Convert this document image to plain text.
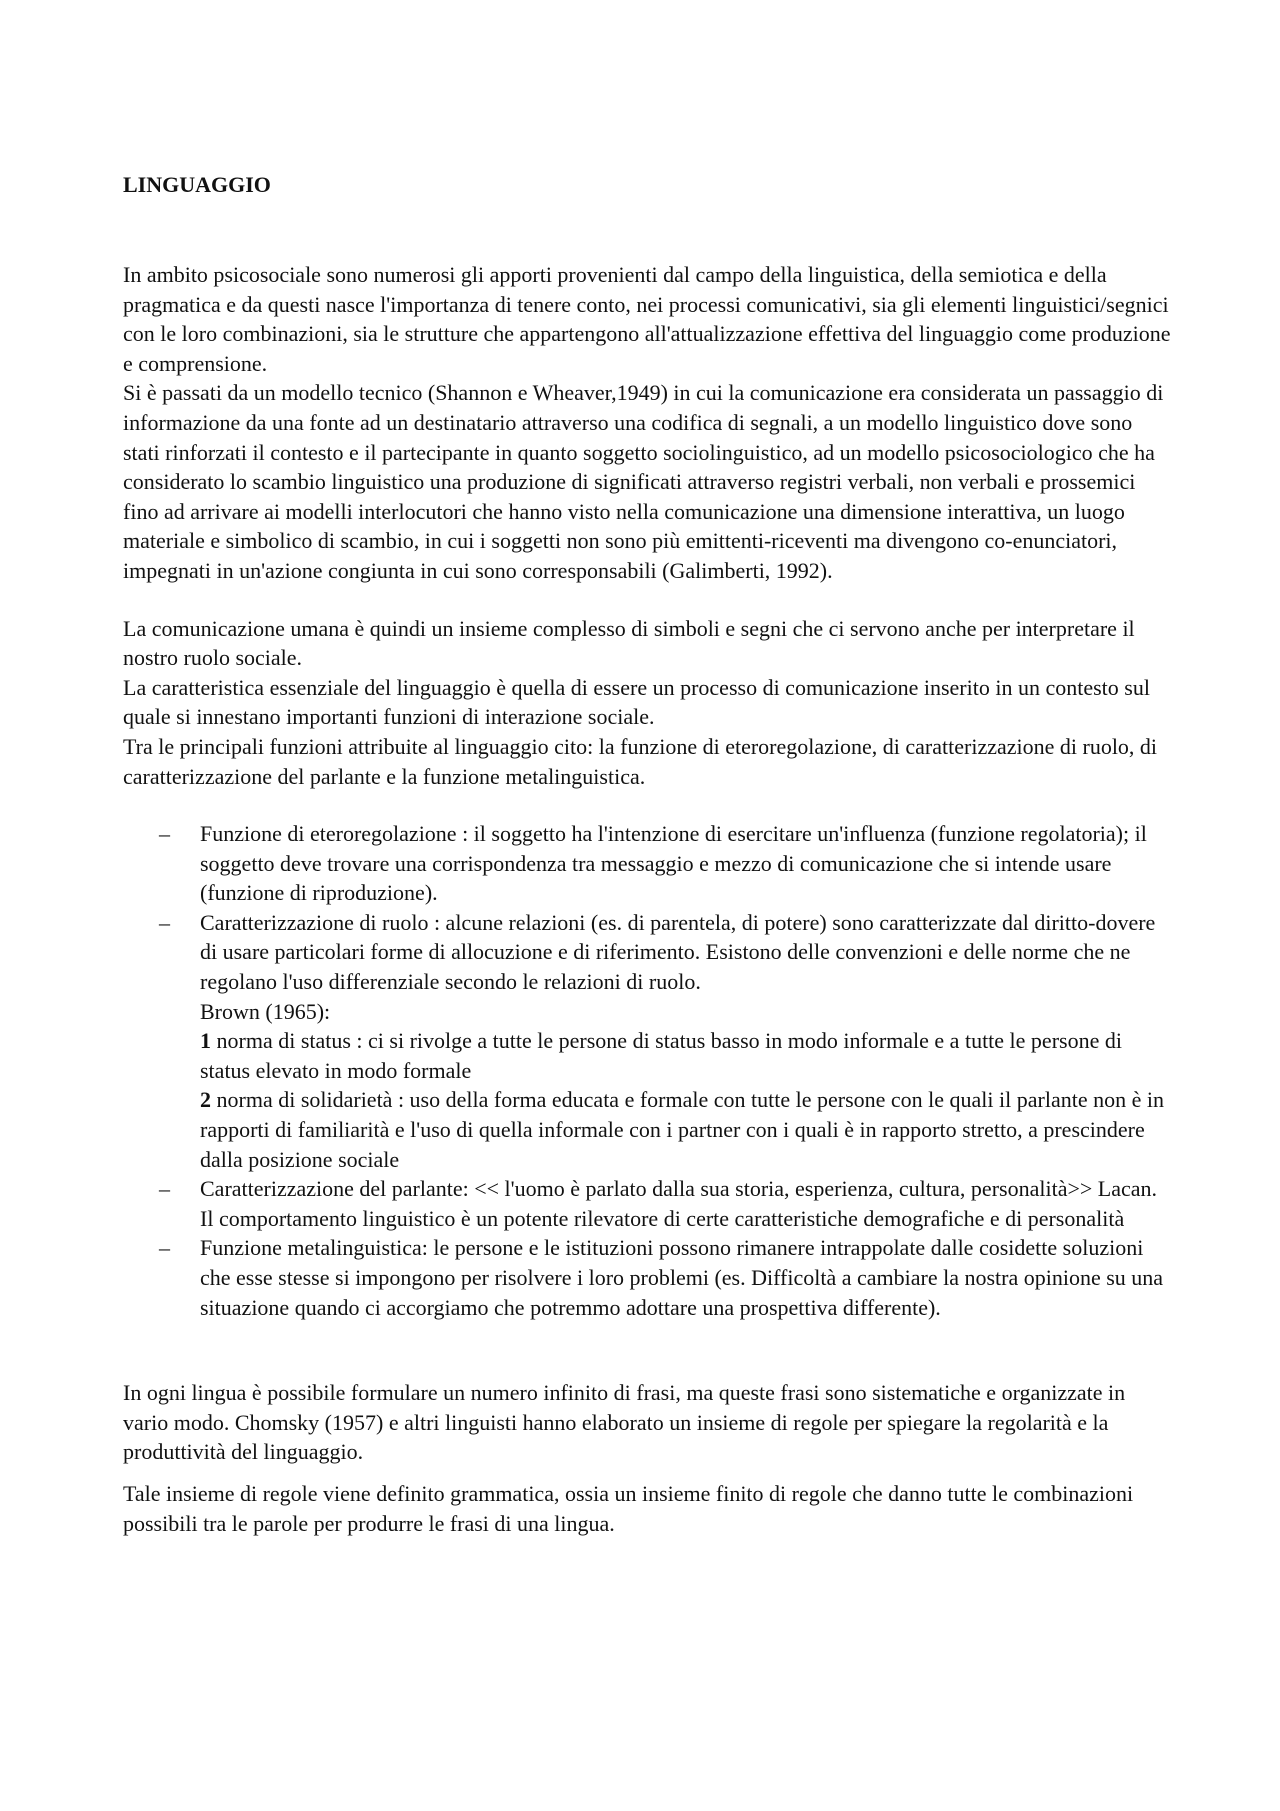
LINGUAGGIO

In ambito psicosociale sono numerosi gli apporti provenienti dal campo della linguistica, della semiotica e della pragmatica e da questi nasce l'importanza di tenere conto, nei processi comunicativi, sia gli elementi linguistici/segnici con le loro combinazioni, sia le strutture che appartengono all'attualizzazione effettiva del linguaggio come produzione e comprensione.

Si è passati da un modello tecnico (Shannon e Wheaver,1949) in cui la comunicazione era considerata un passaggio di informazione da una fonte ad un destinatario attraverso una codifica di segnali, a un modello linguistico dove sono stati rinforzati il contesto e il partecipante in quanto soggetto sociolinguistico, ad un modello psicosociologico che ha considerato lo scambio linguistico una produzione di significati attraverso registri verbali, non verbali e prossemici fino ad arrivare ai modelli interlocutori che hanno visto nella comunicazione una dimensione interattiva, un luogo materiale e simbolico di scambio, in cui i soggetti non sono più emittenti-riceventi ma divengono co-enunciatori, impegnati in un'azione congiunta in cui sono corresponsabili (Galimberti, 1992).

La comunicazione umana è quindi un insieme complesso di simboli e segni che ci servono anche per interpretare il nostro ruolo sociale.

La caratteristica essenziale del linguaggio è quella di essere un processo di comunicazione inserito in un contesto sul quale si innestano importanti funzioni di interazione sociale.

Tra le principali funzioni attribuite al linguaggio cito: la funzione di eteroregolazione, di caratterizzazione di ruolo, di caratterizzazione del parlante e la funzione metalinguistica.

– Funzione di eteroregolazione : il soggetto ha l'intenzione di esercitare un'influenza (funzione regolatoria); il soggetto deve trovare una corrispondenza tra messaggio e mezzo di comunicazione che si intende usare (funzione di riproduzione).
– Caratterizzazione di ruolo : alcune relazioni (es. di parentela, di potere) sono caratterizzate dal diritto-dovere di usare particolari forme di allocuzione e di riferimento. Esistono delle convenzioni e delle norme che ne regolano l'uso differenziale secondo le relazioni di ruolo.
Brown (1965):
1 norma di status : ci si rivolge a tutte le persone di status basso in modo informale e a tutte le persone di status elevato in modo formale
2 norma di solidarietà : uso della forma educata e formale con tutte le persone con le quali il parlante non è in rapporti di familiarità e l'uso di quella informale con i partner con i quali è in rapporto stretto, a prescindere dalla posizione sociale
– Caratterizzazione del parlante: << l'uomo è parlato dalla sua storia, esperienza, cultura, personalità>> Lacan. Il comportamento linguistico è un potente rilevatore di certe caratteristiche demografiche e di personalità
– Funzione metalinguistica: le persone e le istituzioni possono rimanere intrappolate dalle cosidette soluzioni che esse stesse si impongono per risolvere i loro problemi (es. Difficoltà a cambiare la nostra opinione su una situazione quando ci accorgiamo che potremmo adottare una prospettiva differente).

In ogni lingua è possibile formulare un numero infinito di frasi, ma queste frasi sono sistematiche e organizzate in vario modo. Chomsky (1957) e altri linguisti hanno elaborato un insieme di regole per spiegare la regolarità e la produttività del linguaggio.

Tale insieme di regole viene definito grammatica, ossia un insieme finito di regole che danno tutte le combinazioni possibili tra le parole per produrre le frasi di una lingua.
